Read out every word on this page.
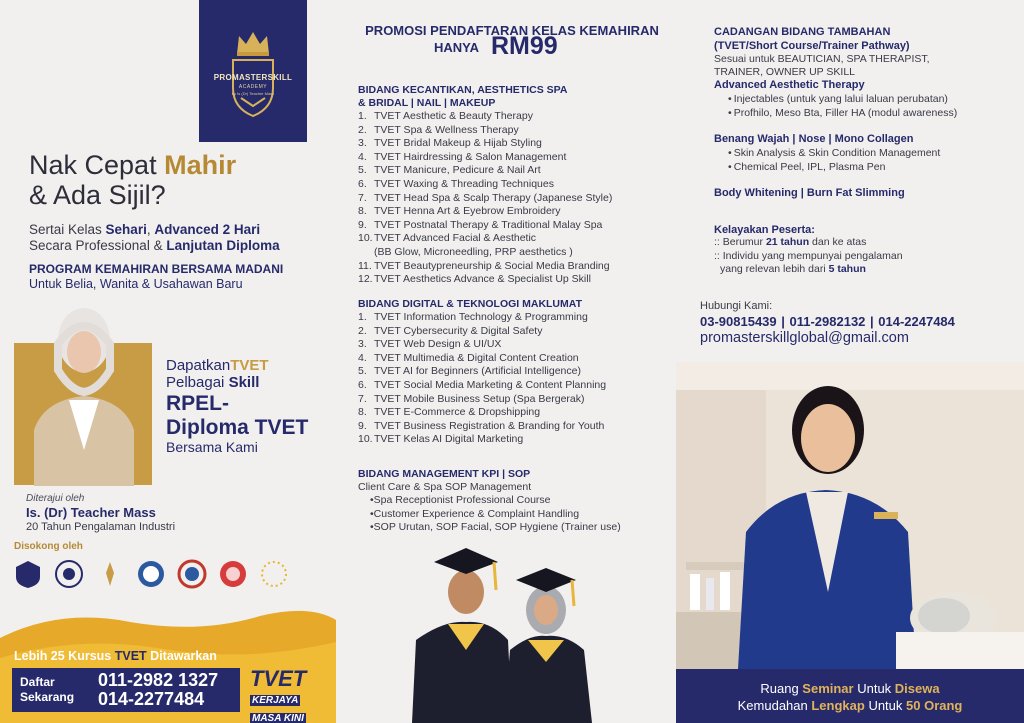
PROMASTERSKILL
ACADEMY
by Is (Dr) Teacher Mass
Nak Cepat Mahir
& Ada Sijil?
Sertai Kelas Sehari, Advanced 2 Hari
Secara Professional & Lanjutan Diploma
PROGRAM KEMAHIRAN BERSAMA MADANI
Untuk Belia, Wanita & Usahawan Baru
DapatkanTVET
Pelbagai Skill
RPEL-
Diploma TVET
Bersama Kami
Diterajui oleh
Is. (Dr) Teacher Mass
20 Tahun Pengalaman Industri
Disokong oleh
Lebih 25 Kursus TVET Ditawarkan
Daftar
Sekarang
011-2982 1327
014-2277484
TVET
KERJAYA MASA KINI
PROMOSI PENDAFTARAN KELAS KEMAHIRAN
HANYA RM99
BIDANG KECANTIKAN, AESTHETICS SPA
& BRIDAL | NAIL | MAKEUP
1. TVET Aesthetic & Beauty Therapy
2. TVET Spa & Wellness Therapy
3. TVET Bridal Makeup & Hijab Styling
4. TVET Hairdressing & Salon Management
5. TVET Manicure, Pedicure & Nail Art
6. TVET Waxing & Threading Techniques
7. TVET Head Spa & Scalp Therapy (Japanese Style)
8. TVET Henna Art & Eyebrow Embroidery
9. TVET Postnatal Therapy & Traditional Malay Spa
10. TVET Advanced Facial & Aesthetic
(BB Glow, Microneedling, PRP aesthetics )
11. TVET Beautypreneurship & Social Media Branding
12. TVET Aesthetics Advance & Specialist Up Skill
BIDANG DIGITAL & TEKNOLOGI MAKLUMAT
1. TVET Information Technology & Programming
2. TVET Cybersecurity & Digital Safety
3. TVET Web Design & UI/UX
4. TVET Multimedia & Digital Content Creation
5. TVET AI for Beginners (Artificial Intelligence)
6. TVET Social Media Marketing & Content Planning
7. TVET Mobile Business Setup (Spa Bergerak)
8. TVET E-Commerce & Dropshipping
9. TVET Business Registration & Branding for Youth
10. TVET Kelas AI Digital Marketing
BIDANG MANAGEMENT KPI | SOP
Client Care & Spa SOP Management
•Spa Receptionist Professional Course
•Customer Experience & Complaint Handling
•SOP Urutan, SOP Facial, SOP Hygiene (Trainer use)
CADANGAN BIDANG TAMBAHAN
(TVET/Short Course/Trainer Pathway)
Sesuai untuk BEAUTICIAN, SPA THERAPIST,
TRAINER, OWNER UP SKILL
Advanced Aesthetic Therapy
• Injectables (untuk yang lalui laluan perubatan)
• Profhilo, Meso Bta, Filler HA (modul awareness)
Benang Wajah | Nose | Mono Collagen
• Skin Analysis & Skin Condition Management
• Chemical Peel, IPL, Plasma Pen
Body Whitening | Burn Fat Slimming
Kelayakan Peserta:
:: Berumur 21 tahun dan ke atas
:: Individu yang mempunyai pengalaman
yang relevan lebih dari 5 tahun
Hubungi Kami:
03-90815439 | 011-2982132 | 014-2247484
promasterskillglobal@gmail.com
Ruang Seminar Untuk Disewa
Kemudahan Lengkap Untuk 50 Orang
